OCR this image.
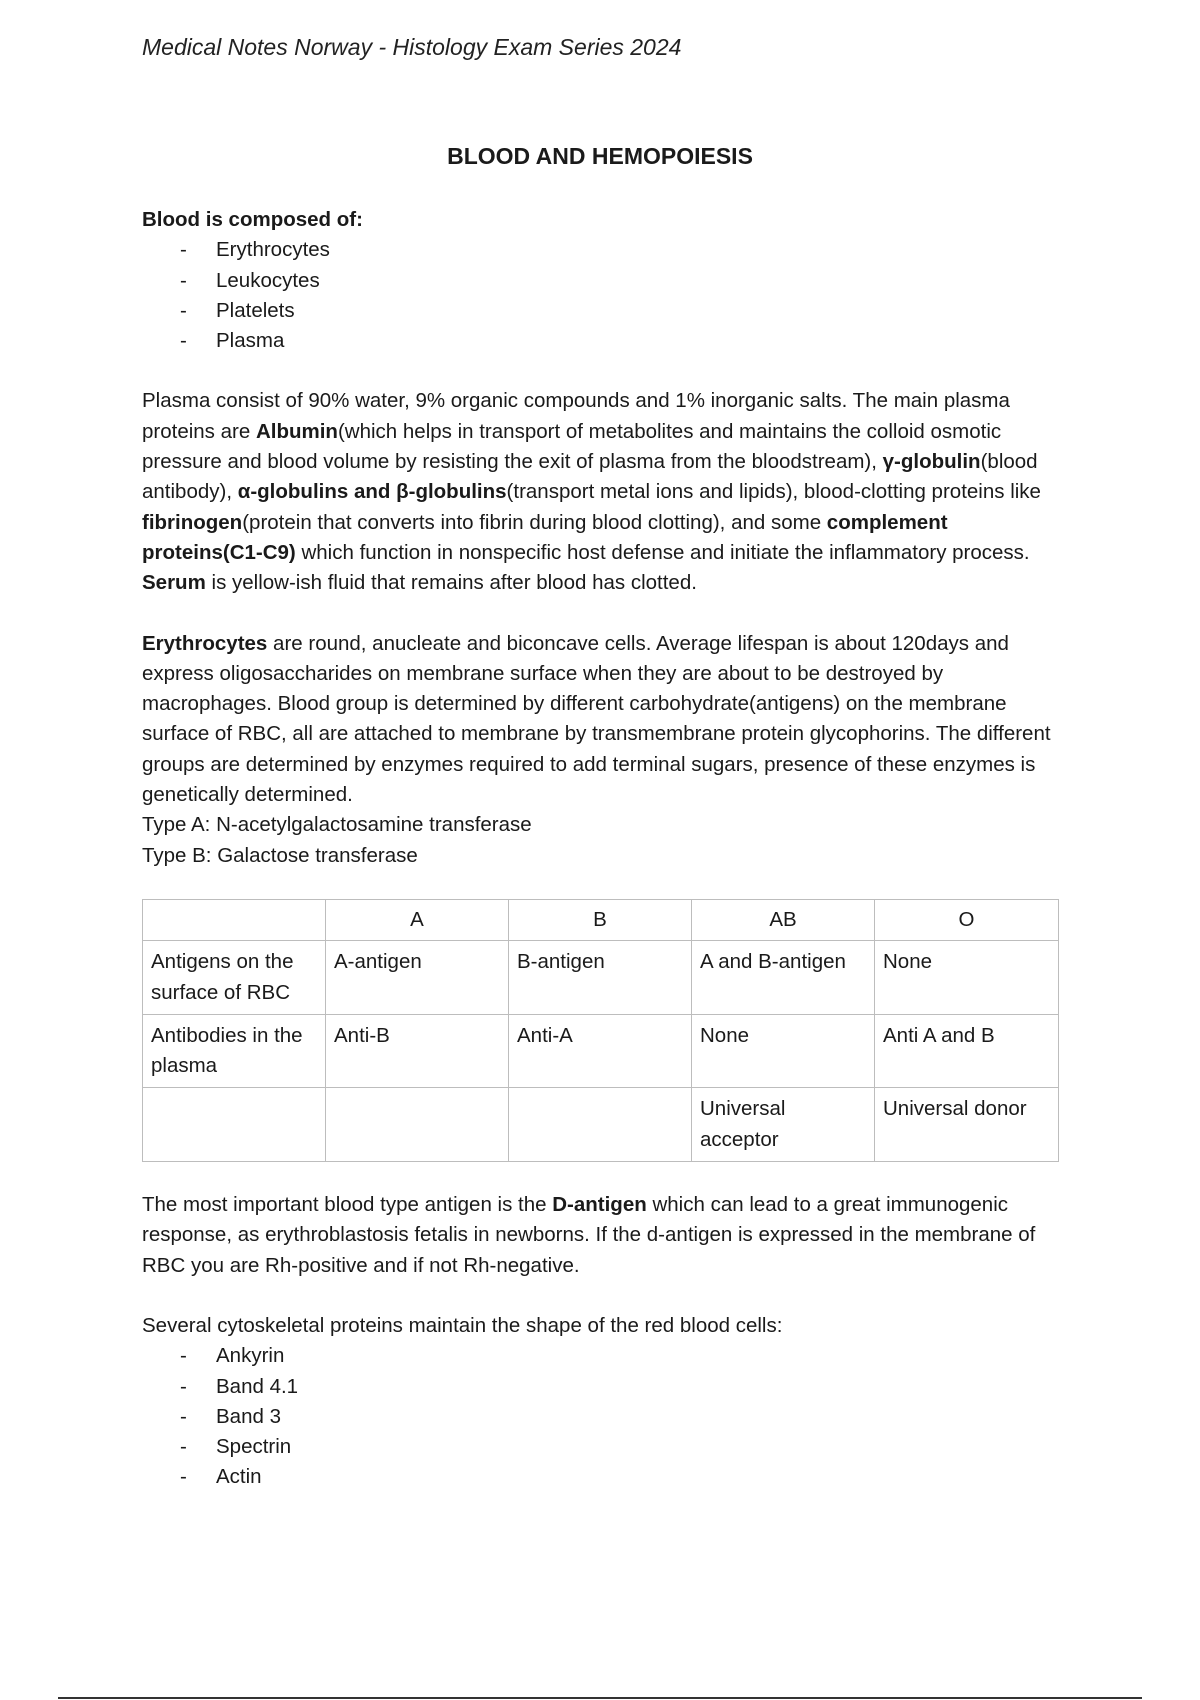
Medical Notes Norway - Histology Exam Series 2024
BLOOD AND HEMOPOIESIS

Blood is composed of:

- Erythrocytes
- Leukocytes
- Platelets
- Plasma

Plasma consist of 90% water, 9% organic compounds and 1% inorganic salts. The main plasma proteins are Albumin(which helps in transport of metabolites and maintains the colloid osmotic pressure and blood volume by resisting the exit of plasma from the bloodstream), γ-globulin(blood antibody), α-globulins and β-globulins(transport metal ions and lipids), blood-clotting proteins like fibrinogen(protein that converts into fibrin during blood clotting), and some complement proteins(C1-C9) which function in nonspecific host defense and initiate the inflammatory process. Serum is yellow-ish fluid that remains after blood has clotted.

Erythrocytes are round, anucleate and biconcave cells. Average lifespan is about 120days and express oligosaccharides on membrane surface when they are about to be destroyed by macrophages. Blood group is determined by different carbohydrate(antigens) on the membrane surface of RBC, all are attached to membrane by transmembrane protein glycophorins. The different groups are determined by enzymes required to add terminal sugars, presence of these enzymes is genetically determined.

Type A: N-acetylgalactosamine transferase

Type B: Galactose transferase

	A	B	AB	O
Antigens on the surface of RBC	A-antigen	B-antigen	A and B-antigen	None
Antibodies in the plasma	Anti-B	Anti-A	None	Anti A and B
			Universal acceptor	Universal donor

The most important blood type antigen is the D-antigen which can lead to a great immunogenic response, as erythroblastosis fetalis in newborns. If the d-antigen is expressed in the membrane of RBC you are Rh-positive and if not Rh-negative.

Several cytoskeletal proteins maintain the shape of the red blood cells:

- Ankyrin
- Band 4.1
- Band 3
- Spectrin
- Actin
